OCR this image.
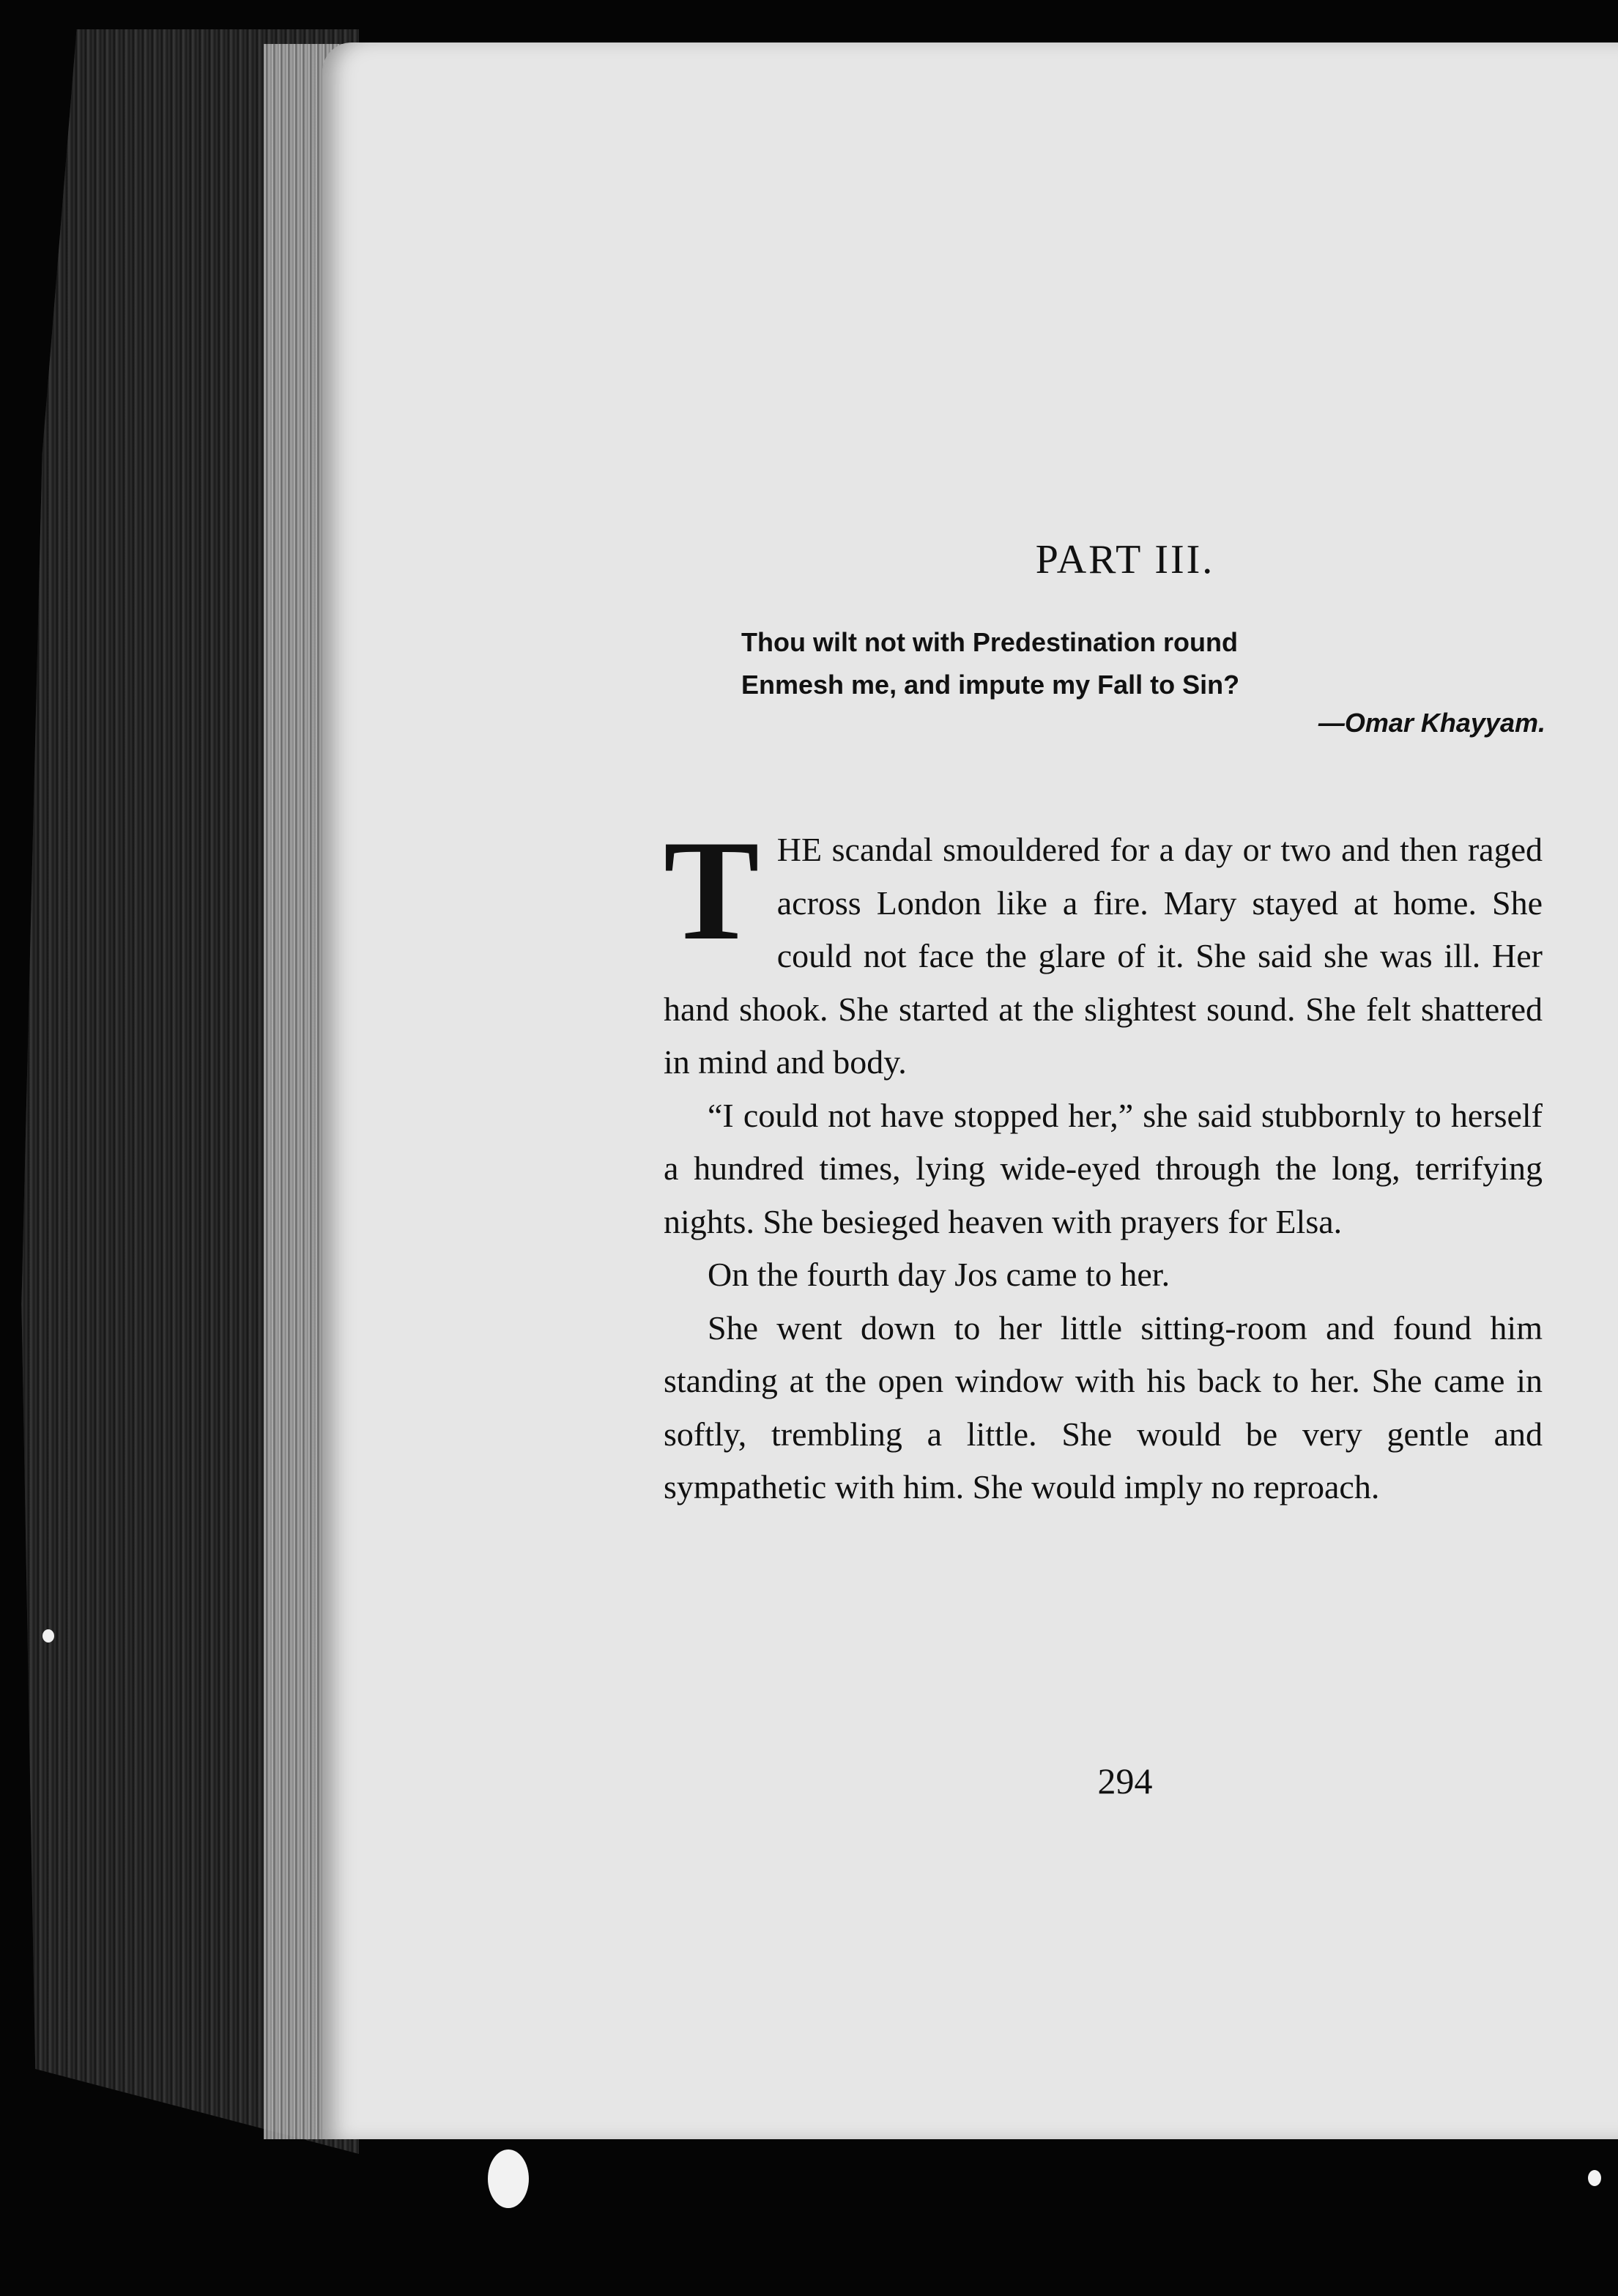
PART III.
Thou wilt not with Predestination round
Enmesh me, and impute my Fall to Sin?
—Omar Khayyam.

THE scandal smouldered for a day or two and then raged across London like a fire. Mary stayed at home. She could not face the glare of it. She said she was ill. Her hand shook. She started at the slightest sound. She felt shattered in mind and body.

“I could not have stopped her,” she said stubbornly to herself a hundred times, lying wide-eyed through the long, terrifying nights. She besieged heaven with prayers for Elsa.

On the fourth day Jos came to her.

She went down to her little sitting-room and found him standing at the open window with his back to her. She came in softly, trembling a little. She would be very gentle and sympathetic with him. She would imply no reproach.

294
